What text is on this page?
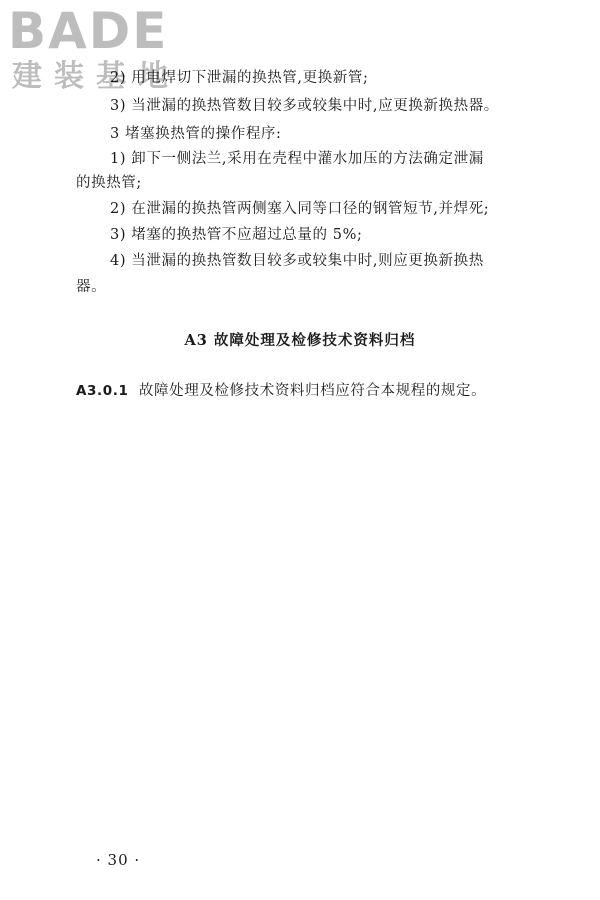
BADE
建装基地
2) 用电焊切下泄漏的换热管,更换新管;
3) 当泄漏的换热管数目较多或较集中时,应更换新换热器。
3 堵塞换热管的操作程序:
1) 卸下一侧法兰,采用在壳程中灌水加压的方法确定泄漏
的换热管;
2) 在泄漏的换热管两侧塞入同等口径的钢管短节,并焊死;
3) 堵塞的换热管不应超过总量的 5%;
4) 当泄漏的换热管数目较多或较集中时,则应更换新换热
器。
A3 故障处理及检修技术资料归档
A3.0.1 故障处理及检修技术资料归档应符合本规程的规定。
· 30 ·
